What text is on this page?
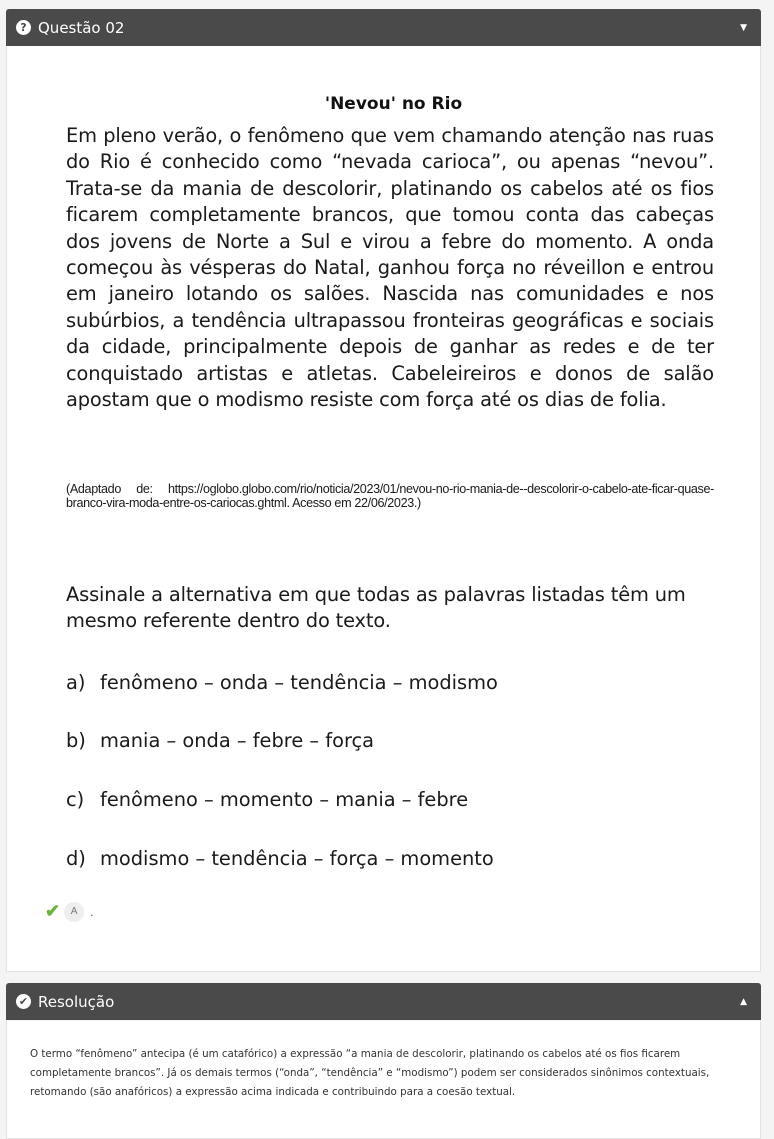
? Questão 02	▼
'Nevou' no Rio
Em pleno verão, o fenômeno que vem chamando atenção nas ruas do Rio é conhecido como “nevada carioca”, ou apenas “nevou”. Trata-se da mania de descolorir, platinando os cabelos até os fios ficarem completamente brancos, que tomou conta das cabeças dos jovens de Norte a Sul e virou a febre do momento. A onda começou às vésperas do Natal, ganhou força no réveillon e entrou em janeiro lotando os salões. Nascida nas comunidades e nos subúrbios, a tendência ultrapassou fronteiras geográficas e sociais da cidade, principalmente depois de ganhar as redes e de ter conquistado artistas e atletas. Cabeleireiros e donos de salão apostam que o modismo resiste com força até os dias de folia.
(Adaptado de: https://oglobo.globo.com/rio/noticia/2023/01/nevou-no-rio-mania-de--descolorir-o-cabelo-ate-ficar-quase-branco-vira-moda-entre-os-cariocas.ghtml. Acesso em 22/06/2023.)
Assinale a alternativa em que todas as palavras listadas têm um mesmo referente dentro do texto.
a) fenômeno – onda – tendência – modismo
b) mania – onda – febre – força
c) fenômeno – momento – mania – febre
d) modismo – tendência – força – momento
✔	A	.
✔ Resolução	▲
O termo “fenômeno” antecipa (é um catafórico) a expressão “a mania de descolorir, platinando os cabelos até os fios ficarem completamente brancos”. Já os demais termos (“onda”, “tendência” e “modismo”) podem ser considerados sinônimos contextuais, retomando (são anafóricos) a expressão acima indicada e contribuindo para a coesão textual.
